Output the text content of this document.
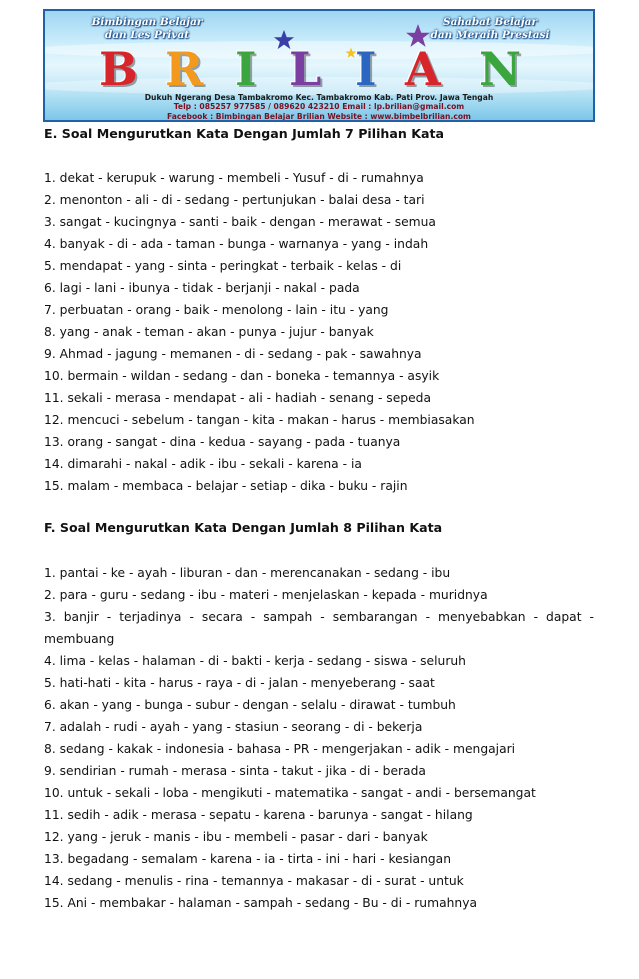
Bimbingan Belajar
dan Les Privat
Sahabat Belajar
dan Meraih Prestasi
B R I L I A N
Dukuh Ngerang Desa Tambakromo Kec. Tambakromo Kab. Pati Prov. Jawa Tengah
Telp : 085257 977585 / 089620 423210 Email : lp.brilian@gmail.com
Facebook : Bimbingan Belajar Brilian Website : www.bimbelbrilian.com

E. Soal Mengurutkan Kata Dengan Jumlah 7 Pilihan Kata

1. dekat - kerupuk - warung - membeli - Yusuf - di - rumahnya

2. menonton - ali - di - sedang - pertunjukan - balai desa - tari

3. sangat - kucingnya - santi - baik - dengan - merawat - semua

4. banyak - di - ada - taman - bunga - warnanya - yang - indah

5. mendapat - yang - sinta - peringkat - terbaik - kelas - di

6. lagi - lani - ibunya - tidak - berjanji - nakal - pada

7. perbuatan - orang - baik - menolong - lain - itu - yang

8. yang - anak - teman - akan - punya - jujur - banyak

9. Ahmad - jagung - memanen - di - sedang - pak - sawahnya

10. bermain - wildan - sedang - dan - boneka - temannya - asyik

11. sekali - merasa - mendapat - ali - hadiah - senang - sepeda

12. mencuci - sebelum - tangan - kita - makan - harus - membiasakan

13. orang - sangat - dina - kedua - sayang - pada - tuanya

14. dimarahi - nakal - adik - ibu - sekali - karena - ia

15. malam - membaca - belajar - setiap - dika - buku - rajin

F. Soal Mengurutkan Kata Dengan Jumlah 8 Pilihan Kata

1. pantai - ke - ayah - liburan - dan - merencanakan - sedang - ibu

2. para - guru - sedang - ibu - materi - menjelaskan - kepada - muridnya

3. banjir - terjadinya - secara - sampah - sembarangan - menyebabkan - dapat -

membuang

4. lima - kelas - halaman - di - bakti - kerja - sedang - siswa - seluruh

5. hati-hati - kita - harus - raya - di - jalan - menyeberang - saat

6. akan - yang - bunga - subur - dengan - selalu - dirawat - tumbuh

7. adalah - rudi - ayah - yang - stasiun - seorang - di - bekerja

8. sedang - kakak - indonesia - bahasa - PR - mengerjakan - adik - mengajari

9. sendirian - rumah - merasa - sinta - takut - jika - di - berada

10. untuk - sekali - loba - mengikuti - matematika - sangat - andi - bersemangat

11. sedih - adik - merasa - sepatu - karena - barunya - sangat - hilang

12. yang - jeruk - manis - ibu - membeli - pasar - dari - banyak

13. begadang - semalam - karena - ia - tirta - ini - hari - kesiangan

14. sedang - menulis - rina - temannya - makasar - di - surat - untuk

15. Ani - membakar - halaman - sampah - sedang - Bu - di - rumahnya
